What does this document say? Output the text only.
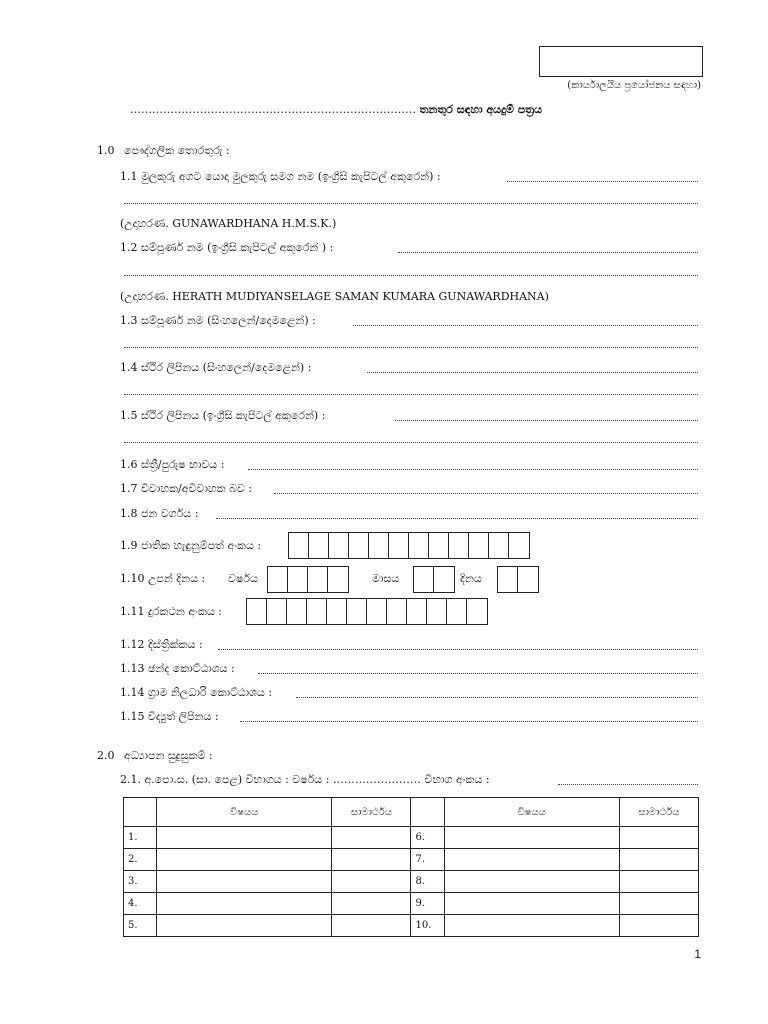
(කාර්යාලයීය ප්‍රයෝජනය සඳහා)
…………………………………………………………………… තනතුර සඳහා අයදුම් පත්‍රය
1.0 පෞද්ගලික තොරතුරු :
1.1 මුලකුරු අගට යොදා මුලකුරු සමග නම (ඉංග්‍රීසි කැපිටල් අකුරෙන්) :
(උදාහරණ. GUNAWARDHANA H.M.S.K.)
1.2 සම්පූර්ණ නම (ඉංග්‍රීසි කැපිටල් අකුරෙන් ) :
(උදාහරණ. HERATH MUDIYANSELAGE SAMAN KUMARA GUNAWARDHANA)
1.3 සම්පූර්ණ නම (සිංහලෙන්/දෙමළෙන්) :
1.4 ස්ථිර ලිපිනය (සිංහලෙන්/දෙමළෙන්) :
1.5 ස්ථිර ලිපිනය (ඉංග්‍රීසි කැපිටල් අකුරෙන්) :
1.6 ස්ත්‍රී/පුරුෂ භාවය :
1.7 විවාහක/අවිවාහක බව :
1.8 ජන වර්ගය :
1.9 ජාතික හැඳුනුම්පත් අංකය :
1.10 උපන් දිනය : වර්ෂය	මාසය	දිනය
1.11 දුරකථන අංකය :
1.12 දිස්ත්‍රික්කය :
1.13 ඡන්ද කොට්ඨාශය :
1.14 ග්‍රාම නිලධාරි කොට්ඨාශය :
1.15 විද්‍යුත් ලිපිනය :
2.0 අධ්‍යාපන සුදුසුකම් :
2.1. අ.පො.ස. (සා. පෙළ) විභාගය : වර්ෂය : …………………… විභාග අංකය :
	විෂයය	සාමාර්ථය		විෂයය	සාමාර්ථය
1.			6.		
2.			7.		
3.			8.		
4.			9.		
5.			10.		
1
